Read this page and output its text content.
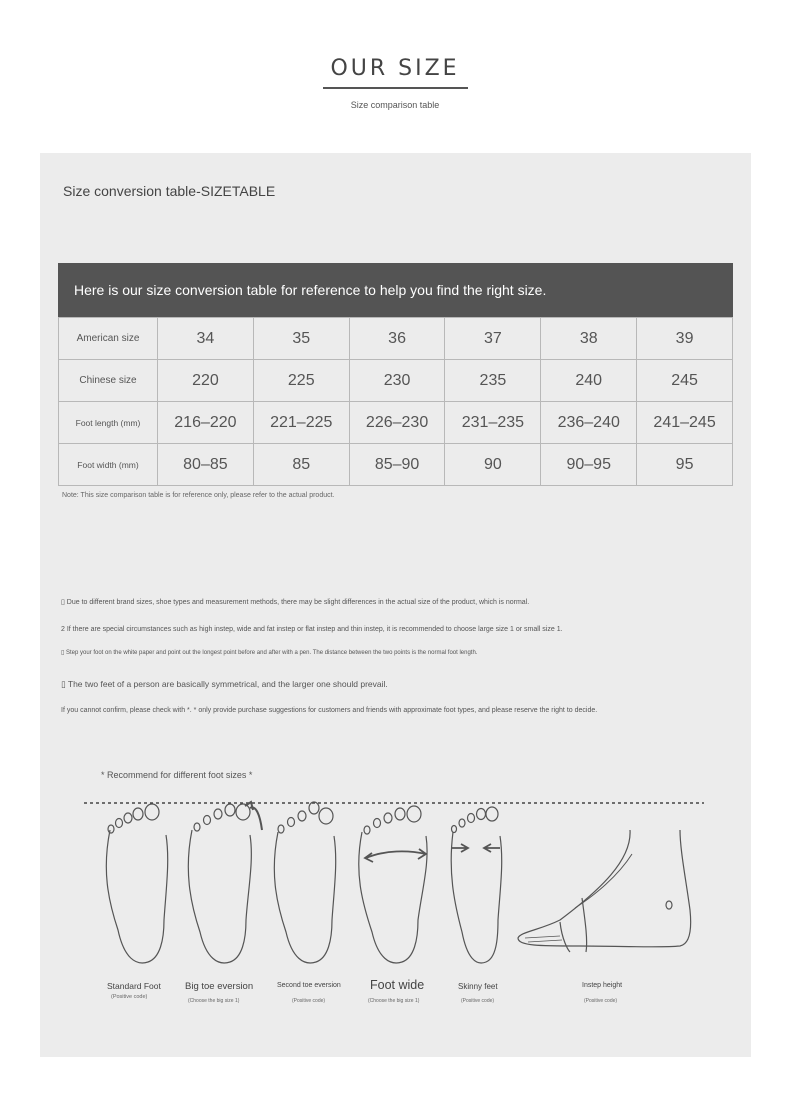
OUR SIZE
Size comparison table
Size conversion table-SIZETABLE
Here is our size conversion table for reference to help you find the right size.
American size	34	35	36	37	38	39
Chinese size	220	225	230	235	240	245
Foot length (mm)	216–220	221–225	226–230	231–235	236–240	241–245
Foot width (mm)	80–85	85	85–90	90	90–95	95
Note: This size comparison table is for reference only, please refer to the actual product.
▯ Due to different brand sizes, shoe types and measurement methods, there may be slight differences in the actual size of the product, which is normal.
2 If there are special circumstances such as high instep, wide and fat instep or flat instep and thin instep, it is recommended to choose large size 1 or small size 1.
▯ Step your foot on the white paper and point out the longest point before and after with a pen. The distance between the two points is the normal foot length.
▯ The two feet of a person are basically symmetrical, and the larger one should prevail.
If you cannot confirm, please check with *. * only provide purchase suggestions for customers and friends with approximate foot types, and please reserve the right to decide.
* Recommend for different foot sizes *
Standard Foot
(Positive code)
Big toe eversion
(Choose the big size 1)
Second toe eversion
(Positive code)
Foot wide
(Choose the big size 1)
Skinny feet
(Positive code)
Instep height
(Positive code)
